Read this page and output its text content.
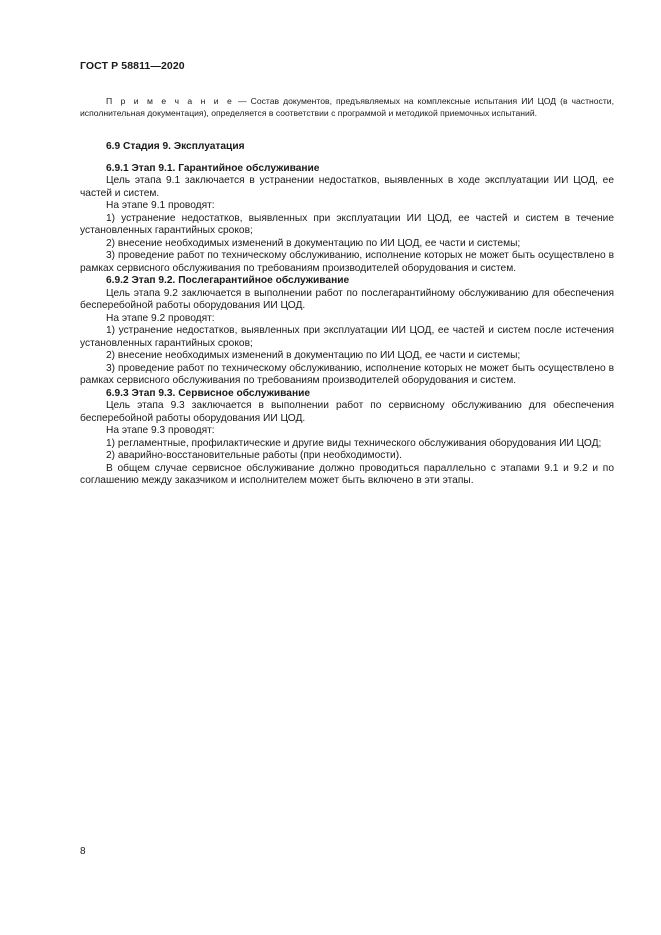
ГОСТ Р 58811—2020

П р и м е ч а н и е — Состав документов, предъявляемых на комплексные испытания ИИ ЦОД (в частности, исполнительная документация), определяется в соответствии с программой и методикой приемочных испытаний.

6.9 Стадия 9. Эксплуатация
6.9.1 Этап 9.1. Гарантийное обслуживание

Цель этапа 9.1 заключается в устранении недостатков, выявленных в ходе эксплуатации ИИ ЦОД, ее частей и систем.

На этапе 9.1 проводят:

1) устранение недостатков, выявленных при эксплуатации ИИ ЦОД, ее частей и систем в течение установленных гарантийных сроков;

2) внесение необходимых изменений в документацию по ИИ ЦОД, ее части и системы;

3) проведение работ по техническому обслуживанию, исполнение которых не может быть осуществлено в рамках сервисного обслуживания по требованиям производителей оборудования и систем.

6.9.2 Этап 9.2. Послегарантийное обслуживание

Цель этапа 9.2 заключается в выполнении работ по послегарантийному обслуживанию для обеспечения бесперебойной работы оборудования ИИ ЦОД.

На этапе 9.2 проводят:

1) устранение недостатков, выявленных при эксплуатации ИИ ЦОД, ее частей и систем после истечения установленных гарантийных сроков;

2) внесение необходимых изменений в документацию по ИИ ЦОД, ее части и системы;

3) проведение работ по техническому обслуживанию, исполнение которых не может быть осуществлено в рамках сервисного обслуживания по требованиям производителей оборудования и систем.

6.9.3 Этап 9.3. Сервисное обслуживание

Цель этапа 9.3 заключается в выполнении работ по сервисному обслуживанию для обеспечения бесперебойной работы оборудования ИИ ЦОД.

На этапе 9.3 проводят:

1) регламентные, профилактические и другие виды технического обслуживания оборудования ИИ ЦОД;

2) аварийно-восстановительные работы (при необходимости).

В общем случае сервисное обслуживание должно проводиться параллельно с этапами 9.1 и 9.2 и по соглашению между заказчиком и исполнителем может быть включено в эти этапы.

8
